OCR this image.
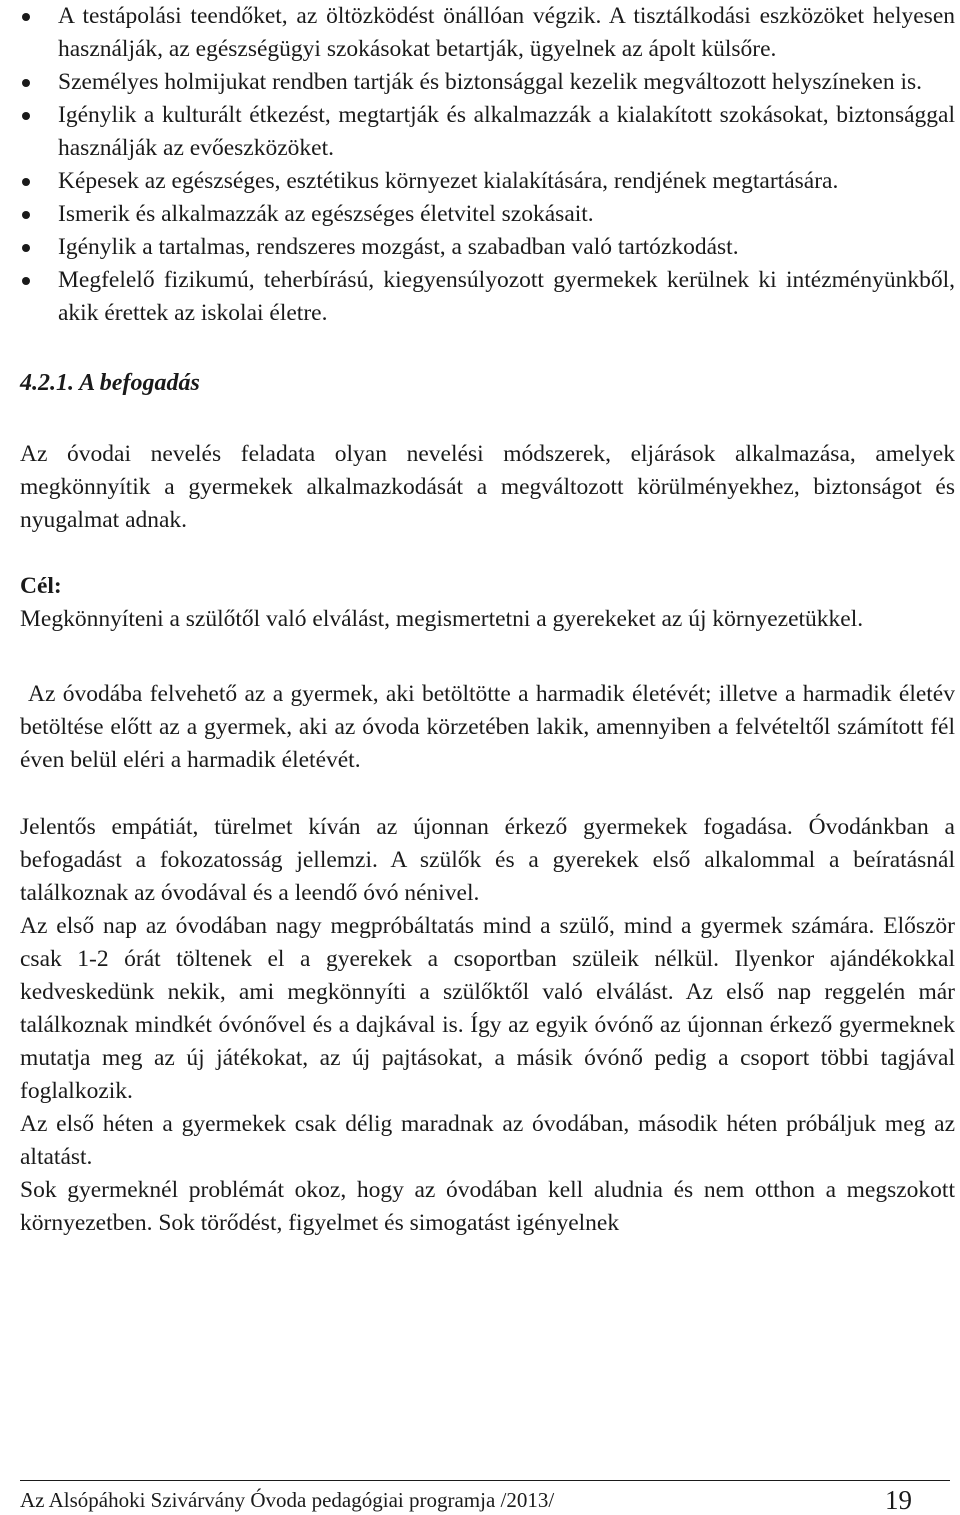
A testápolási teendőket, az öltözködést önállóan végzik. A tisztálkodási eszközöket helyesen használják, az egészségügyi szokásokat betartják, ügyelnek az ápolt külsőre.
Személyes holmijukat rendben tartják és biztonsággal kezelik megváltozott helyszíneken is.
Igénylik a kulturált étkezést, megtartják és alkalmazzák a kialakított szokásokat, biztonsággal használják az evőeszközöket.
Képesek az egészséges, esztétikus környezet kialakítására, rendjének megtartására.
Ismerik és alkalmazzák az egészséges életvitel szokásait.
Igénylik a tartalmas, rendszeres mozgást, a szabadban való tartózkodást.
Megfelelő fizikumú, teherbírású, kiegyensúlyozott gyermekek kerülnek ki intézményünkből, akik érettek az iskolai életre.
4.2.1. A befogadás

Az óvodai nevelés feladata olyan nevelési módszerek, eljárások alkalmazása, amelyek megkönnyítik a gyermekek alkalmazkodását a megváltozott körülményekhez, biztonságot és nyugalmat adnak.

Cél:

Megkönnyíteni a szülőtől való elválást, megismertetni a gyerekeket az új környezetükkel.

Az óvodába felvehető az a gyermek, aki betöltötte a harmadik életévét; illetve a harmadik életév betöltése előtt az a gyermek, aki az óvoda körzetében lakik, amennyiben a felvételtől számított fél éven belül eléri a harmadik életévét.

Jelentős empátiát, türelmet kíván az újonnan érkező gyermekek fogadása. Óvodánkban a befogadást a fokozatosság jellemzi. A szülők és a gyerekek első alkalommal a beíratásnál találkoznak az óvodával és a leendő óvó nénivel.

Az első nap az óvodában nagy megpróbáltatás mind a szülő, mind a gyermek számára. Először csak 1-2 órát töltenek el a gyerekek a csoportban szüleik nélkül. Ilyenkor ajándékokkal kedveskedünk nekik, ami megkönnyíti a szülőktől való elválást. Az első nap reggelén már találkoznak mindkét óvónővel és a dajkával is. Így az egyik óvónő az újonnan érkező gyermeknek mutatja meg az új játékokat, az új pajtásokat, a másik óvónő pedig a csoport többi tagjával foglalkozik.

Az első héten a gyermekek csak délig maradnak az óvodában, második héten próbáljuk meg az altatást.

Sok gyermeknél problémát okoz, hogy az óvodában kell aludnia és nem otthon a megszokott környezetben. Sok törődést, figyelmet és simogatást igényelnek

Az Alsópáhoki Szivárvány Óvoda pedagógiai programja /2013/	19
